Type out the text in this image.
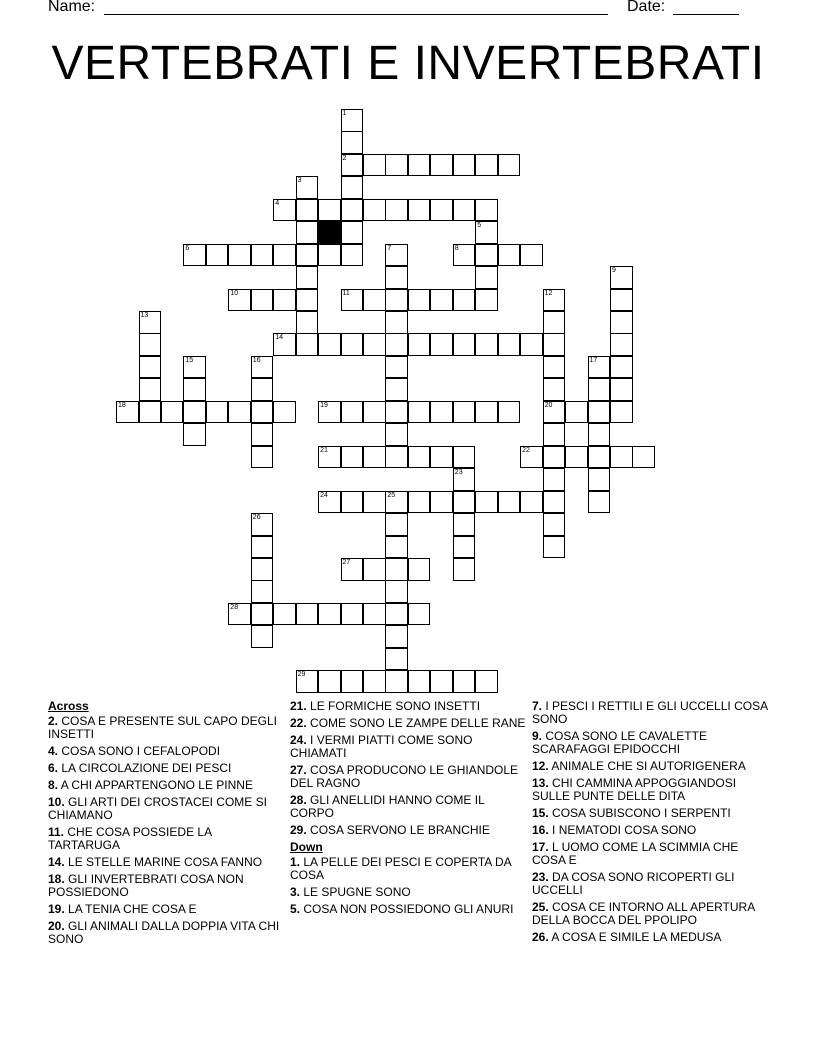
Name:	Date:
VERTEBRATI E INVERTEBRATI
1
2
3
4
5
6	7	8
9
10	11	12
13
14
15	16	17
18	19	20
21	22
23
24	25
26
27
28
29
Across
2. COSA E PRESENTE SUL CAPO DEGLI INSETTI
4. COSA SONO I CEFALOPODI
6. LA CIRCOLAZIONE DEI PESCI
8. A CHI APPARTENGONO LE PINNE
10. GLI ARTI DEI CROSTACEI COME SI CHIAMANO
11. CHE COSA POSSIEDE LA TARTARUGA
14. LE STELLE MARINE COSA FANNO
18. GLI INVERTEBRATI COSA NON POSSIEDONO
19. LA TENIA CHE COSA E
20. GLI ANIMALI DALLA DOPPIA VITA CHI SONO
21. LE FORMICHE SONO INSETTI
22. COME SONO LE ZAMPE DELLE RANE
24. I VERMI PIATTI COME SONO CHIAMATI
27. COSA PRODUCONO LE GHIANDOLE DEL RAGNO
28. GLI ANELLIDI HANNO COME IL CORPO
29. COSA SERVONO LE BRANCHIE
Down
1. LA PELLE DEI PESCI E COPERTA DA COSA
3. LE SPUGNE SONO
5. COSA NON POSSIEDONO GLI ANURI
7. I PESCI I RETTILI E GLI UCCELLI COSA SONO
9. COSA SONO LE CAVALETTE SCARAFAGGI EPIDOCCHI
12. ANIMALE CHE SI AUTORIGENERA
13. CHI CAMMINA APPOGGIANDOSI SULLE PUNTE DELLE DITA
15. COSA SUBISCONO I SERPENTI
16. I NEMATODI COSA SONO
17. L UOMO COME LA SCIMMIA CHE COSA E
23. DA COSA SONO RICOPERTI GLI UCCELLI
25. COSA CE INTORNO ALL APERTURA DELLA BOCCA DEL PPOLIPO
26. A COSA E SIMILE LA MEDUSA
